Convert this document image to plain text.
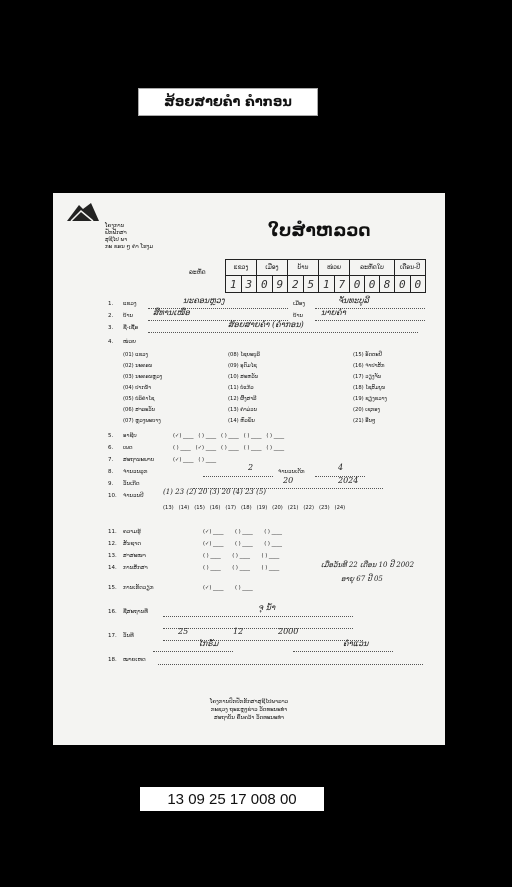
ສ້ອຍສາຍຄຳ ຄຳກອນ
ໂຄງການ
ຟັກຟັກສາ
ສຸຊີໄປ ພາ
ກະ ຂອນ ໆ ຄຳ ໂຮງມ
ໃບສຳຫລວດ
ລະຫັດ
ແຂວງ		ເມືອງ		ບ້ານ		ໜ່ວຍ		ລະຫັດໃບ			ເດືອນ-ປີ	
1	3	0	9	2	5	1	7	0	0	8	0	0
1. ແຂວງ	ນະຄອນຫຼວງ	ເມືອງ	ຈັນທະບູລີ
2. ບ້ານ ສີທານເໜືອ	ບ້ານ ນາຍຄຳ
3. ຊື່-ເຊື້ອ	ສ້ອຍສາຍຄຳ (ຄຳກອນ)
4. ໜ່ວຍ
(01) ແຂວງ
(02) ນະຄອນ
(03) ນະຄອນຫຼວງ
(04) ປາກນ້ຳ
(05) ບໍລິຄຳໄຊ
(06) ສາລະວັນ
(07) ຫຼວງພະບາງ
(08) ໄຊຍະບູລີ
(09) ອຸດົມໄຊ
(10) ສະຫວັນ
(11) ບໍ່ແກ້ວ
(12) ຜົ້ງສາລີ
(13) ຄຳມ່ວນ
(14) ຫົວພັນ
(15) ອັດຕະປື
(16) ຈຳປາສັກ
(17) ວຽງຈັນ
(18) ໄຊສົມບູນ
(19) ຊຽງຂວາງ
(20) ເຊກອງ
(21) ອື່ນໆ
5. ອາຊີບ	(✓) ____   ( ) ____   ( ) ____   ( ) ____   ( ) ____
6. ເພດ	( ) ____   (✓) ____   ( ) ____   ( ) ____   ( ) ____
7. ສະຖານະພາບ	(✓) ____   ( ) ____
8. ຈຳນວນລູກ	2	ຈຳນວນເດັກ	4
9. ວັນເກີດ	20	2024
10. ຈຳນວນປີ	(1) 23 (2) 20 (3) 20 (4) 23 (5)
(13)   (14)   (15)   (16)   (17)   (18)   (19)   (20)   (21)   (22)   (23)   (24)
11. ຄວາມຮູ້	(✓) ____       ( ) ____       ( ) ____
12. ສັນຊາດ	(✓) ____       ( ) ____       ( ) ____
13. ສາສະໜາ	( ) ____       ( ) ____       ( ) ____
14. ການສຶກສາ	( ) ____       ( ) ____       ( ) ____
15. ການເຮັດວຽກ	(✓) ____       ( ) ____
ເມື່ອວັນທີ 22 ເດືອນ 10 ປີ 2002
ອາຍຸ 67 ປີ 05
16. ຊື່ສະຖານທີ່	ຈຸ ນໍ້າ
17. ວັນທີ	25	12	2000
ໄກຣັ່ມ	ຄຳແວນ
18. ໝາຍເຫດ
ໂຄງການປົກປັກຮັກສາສຸຊີໄປພາລາວ
ກະຊວງ ຖະແຫຼງຂ່າວ ວັດທະນະທຳ
ສະຖາບັນ ຄົ້ນຄວ້າ ວັດທະນະທຳ
13 09 25 17 008 00
